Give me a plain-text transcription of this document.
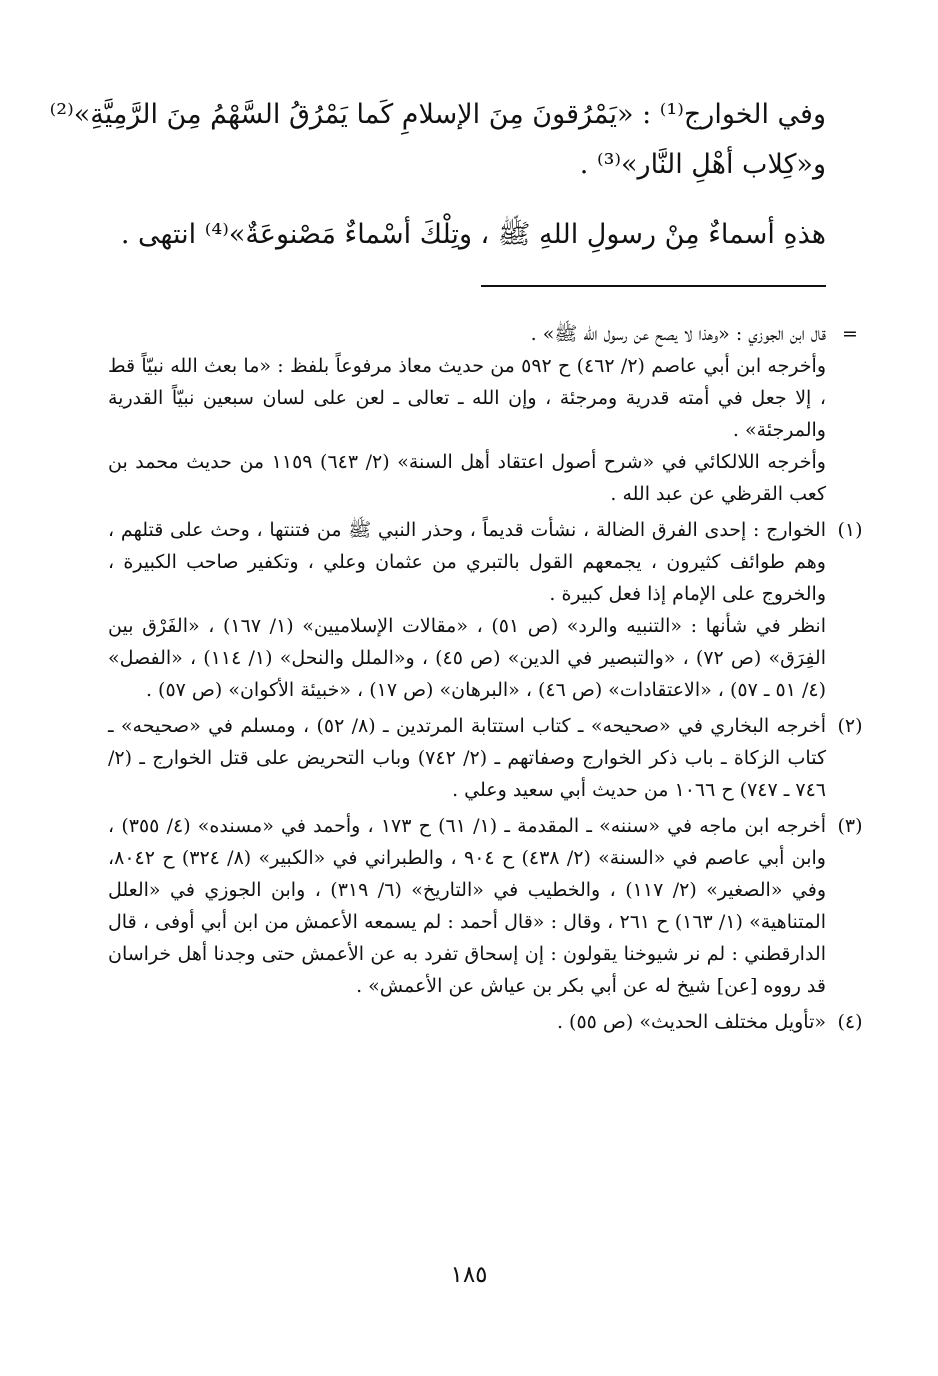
وفي الخوارج⁽¹⁾ : «يَمْرُقونَ مِنَ الإسلامِ كَما يَمْرُقُ السَّهْمُ مِنَ الرَّمِيَّةِ»⁽²⁾
و«كِلاب أهْلِ النَّار»⁽³⁾ .
هذهِ أسماءٌ مِنْ رسولِ اللهِ ﷺ ، وتِلْكَ أسْماءٌ مَصْنوعَةٌ»⁽⁴⁾ انتهى .
=

قال ابن الجوزي : «وهذا لا يصح عن رسول الله ﷺ» .

وأخرجه ابن أبي عاصم (٢/ ٤٦٢) ح ٥٩٢ من حديث معاذ مرفوعاً بلفظ : «ما بعث الله نبيّاً قط ، إلا جعل في أمته قدرية ومرجئة ، وإن الله ـ تعالى ـ لعن على لسان سبعين نبيّاً القدرية والمرجئة» .

وأخرجه اللالكائي في «شرح أصول اعتقاد أهل السنة» (٢/ ٦٤٣) ١١٥٩ من حديث محمد بن كعب القرظي عن عبد الله .

(١)

الخوارج : إحدى الفرق الضالة ، نشأت قديماً ، وحذر النبي ﷺ من فتنتها ، وحث على قتلهم ، وهم طوائف كثيرون ، يجمعهم القول بالتبري من عثمان وعلي ، وتكفير صاحب الكبيرة ، والخروج على الإمام إذا فعل كبيرة .

انظر في شأنها : «التنبيه والرد» (ص ٥١) ، «مقالات الإسلاميين» (١/ ١٦٧) ، «الفَرْق بين الفِرَق» (ص ٧٢) ، «والتبصير في الدين» (ص ٤٥) ، و«الملل والنحل» (١/ ١١٤) ، «الفصل» (٤/ ٥١ ـ ٥٧) ، «الاعتقادات» (ص ٤٦) ، «البرهان» (ص ١٧) ، «خبيئة الأكوان» (ص ٥٧) .

(٢)

أخرجه البخاري في «صحيحه» ـ كتاب استتابة المرتدين ـ (٨/ ٥٢) ، ومسلم في «صحيحه» ـ كتاب الزكاة ـ باب ذكر الخوارج وصفاتهم ـ (٢/ ٧٤٢) وباب التحريض على قتل الخوارج ـ (٢/ ٧٤٦ ـ ٧٤٧) ح ١٠٦٦ من حديث أبي سعيد وعلي .

(٣)

أخرجه ابن ماجه في «سننه» ـ المقدمة ـ (١/ ٦١) ح ١٧٣ ، وأحمد في «مسنده» (٤/ ٣٥٥) ، وابن أبي عاصم في «السنة» (٢/ ٤٣٨) ح ٩٠٤ ، والطبراني في «الكبير» (٨/ ٣٢٤) ح ٨٠٤٢، وفي «الصغير» (٢/ ١١٧) ، والخطيب في «التاريخ» (٦/ ٣١٩) ، وابن الجوزي في «العلل المتناهية» (١/ ١٦٣) ح ٢٦١ ، وقال : «قال أحمد : لم يسمعه الأعمش من ابن أبي أوفى ، قال الدارقطني : لم نر شيوخنا يقولون : إن إسحاق تفرد به عن الأعمش حتى وجدنا أهل خراسان قد رووه [عن] شيخ له عن أبي بكر بن عياش عن الأعمش» .

(٤)

«تأويل مختلف الحديث» (ص ٥٥) .

١٨٥
